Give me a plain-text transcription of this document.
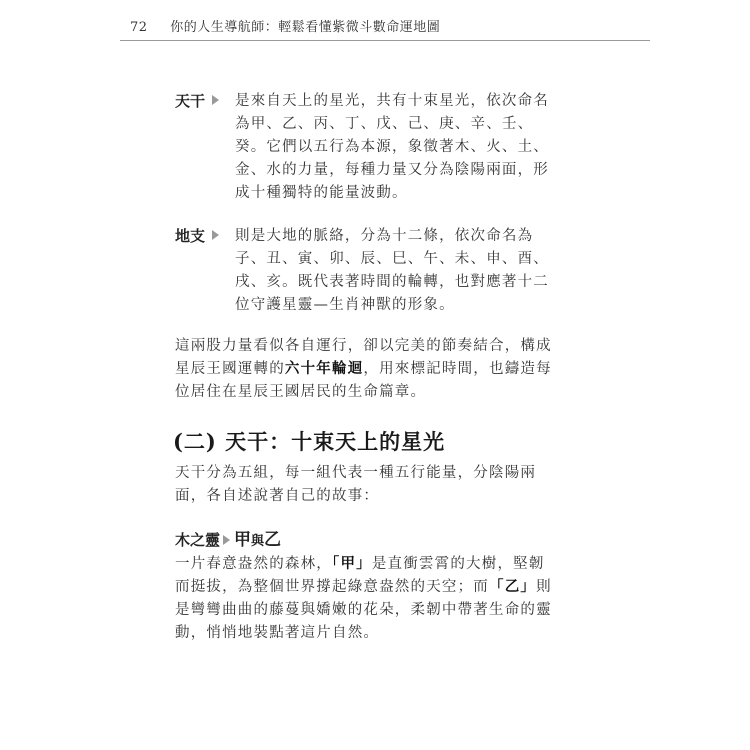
72 你的人生導航師：輕鬆看懂紫微斗數命運地圖
天干	是來自天上的星光，共有十束星光，依次命名為甲、乙、丙、丁、戊、己、庚、辛、壬、癸。它們以五行為本源，象徵著木、火、土、金、水的力量，每種力量又分為陰陽兩面，形成十種獨特的能量波動。
地支	則是大地的脈絡，分為十二條，依次命名為子、丑、寅、卯、辰、巳、午、未、申、酉、戌、亥。既代表著時間的輪轉，也對應著十二位守護星靈—生肖神獸的形象。
這兩股力量看似各自運行，卻以完美的節奏結合，構成星辰王國運轉的六十年輪迴，用來標記時間，也鑄造每位居住在星辰王國居民的生命篇章。
(二) 天干：十束天上的星光
天干分為五組，每一組代表一種五行能量，分陰陽兩面，各自述說著自己的故事：
木之靈 甲與乙
一片春意盎然的森林，「甲」是直衝雲霄的大樹，堅韌而挺拔，為整個世界撐起綠意盎然的天空；而「乙」則是彎彎曲曲的藤蔓與嬌嫩的花朵，柔韌中帶著生命的靈動，悄悄地裝點著這片自然。
